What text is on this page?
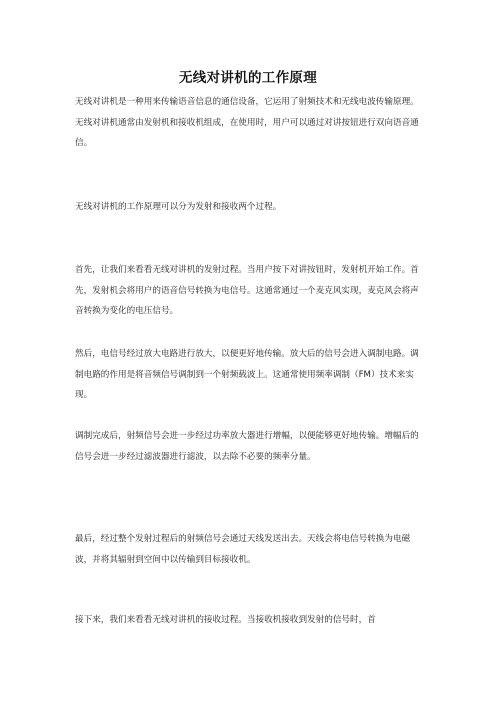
无线对讲机的工作原理

无线对讲机是一种用来传输语音信息的通信设备，它运用了射频技术和无线电波传输原理。无线对讲机通常由发射机和接收机组成，在使用时，用户可以通过对讲按钮进行双向语音通信。

无线对讲机的工作原理可以分为发射和接收两个过程。

首先，让我们来看看无线对讲机的发射过程。当用户按下对讲按钮时，发射机开始工作。首先，发射机会将用户的语音信号转换为电信号。这通常通过一个麦克风实现，麦克风会将声音转换为变化的电压信号。

然后，电信号经过放大电路进行放大，以便更好地传输。放大后的信号会进入调制电路。调制电路的作用是将音频信号调制到一个射频载波上。这通常使用频率调制（FM）技术来实现。

调制完成后，射频信号会进一步经过功率放大器进行增幅，以便能够更好地传输。增幅后的信号会进一步经过滤波器进行滤波，以去除不必要的频率分量。

最后，经过整个发射过程后的射频信号会通过天线发送出去。天线会将电信号转换为电磁波，并将其辐射到空间中以传输到目标接收机。

接下来，我们来看看无线对讲机的接收过程。当接收机接收到发射的信号时，首
